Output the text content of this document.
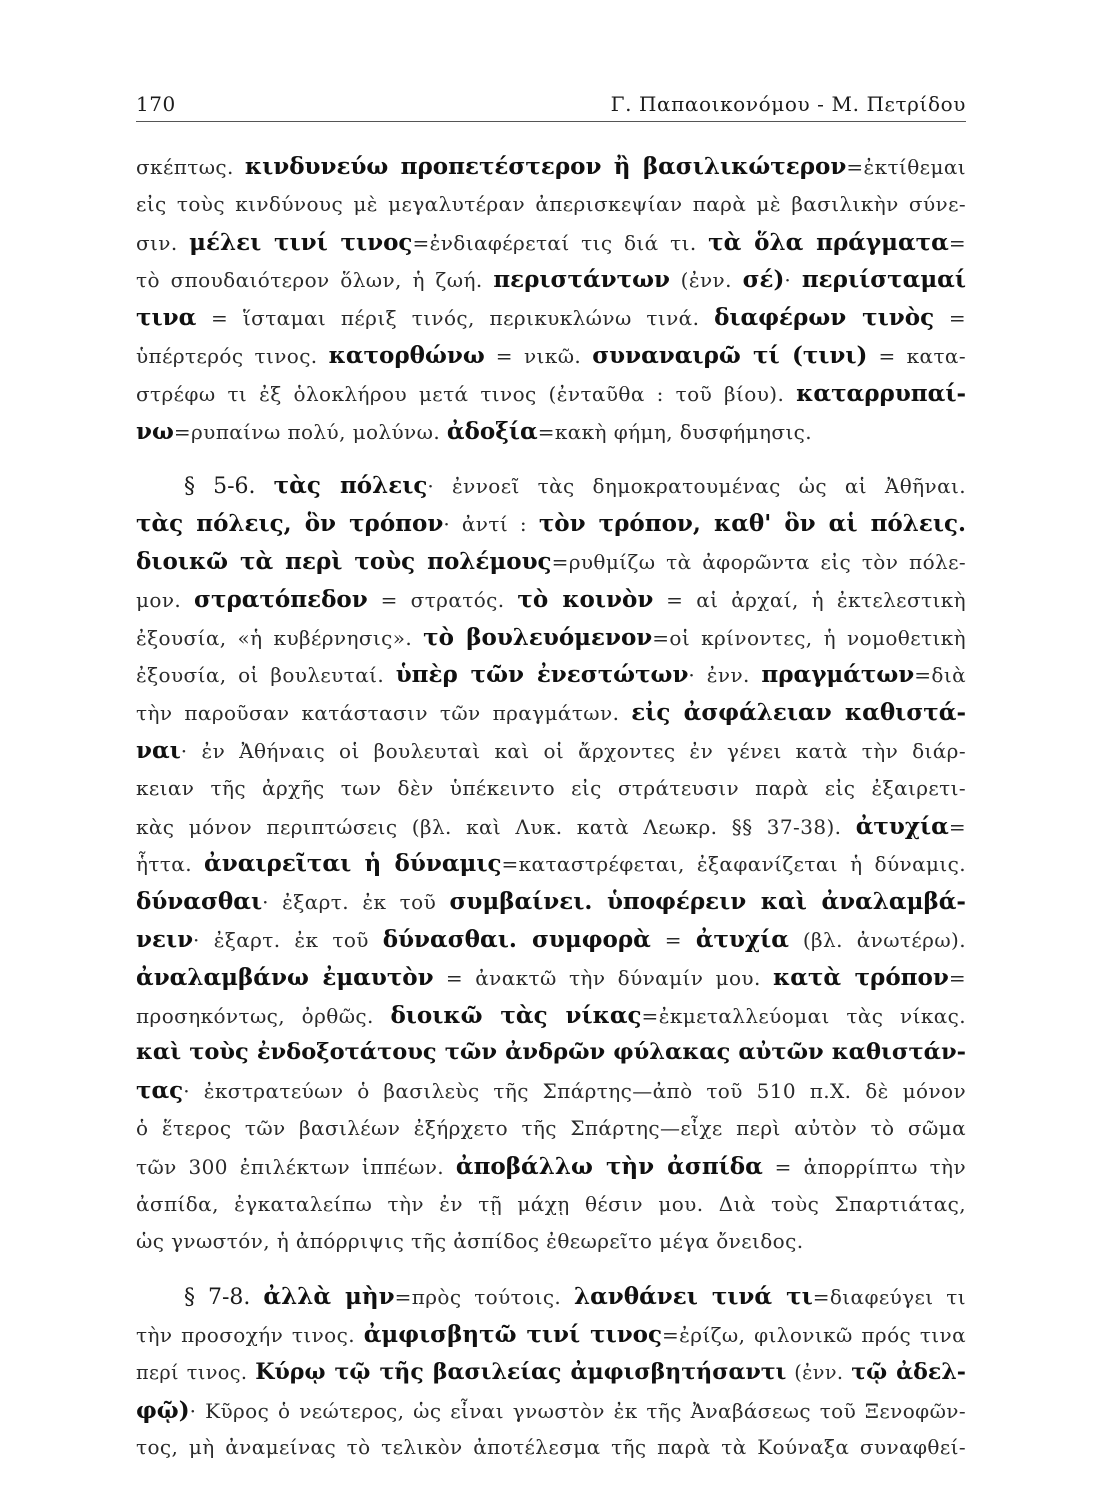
170	Γ. Παπαοικονόμου - Μ. Πετρίδου
σκέπτως. κινδυνεύω προπετέστερον ἢ βασιλικώτερον=ἐκτίθεμαι
εἰς τοὺς κινδύνους μὲ μεγαλυτέραν ἀπερισκεψίαν παρὰ μὲ βασιλικὴν σύνε-
σιν. μέλει τινί τινος=ἐνδιαφέρεταί τις διά τι. τὰ ὅλα πράγματα=
τὸ σπουδαιότερον ὅλων, ἡ ζωή. περιστάντων (ἐνν. σέ)· περιίσταμαί
τινα = ἵσταμαι πέριξ τινός, περικυκλώνω τινά. διαφέρων τινὸς =
ὑπέρτερός τινος. κατορθώνω = νικῶ. συναναιρῶ τί (τινι) = κατα-
στρέφω τι ἐξ ὁλοκλήρου μετά τινος (ἐνταῦθα : τοῦ βίου). καταρρυπαί-
νω=ρυπαίνω πολύ, μολύνω. ἀδοξία=κακὴ φήμη, δυσφήμησις.
§ 5-6. τὰς πόλεις· ἐννοεῖ τὰς δημοκρατουμένας ὡς αἱ Ἀθῆναι.
τὰς πόλεις, ὃν τρόπον· ἀντί : τὸν τρόπον, καθ' ὃν αἱ πόλεις.
διοικῶ τὰ περὶ τοὺς πολέμους=ρυθμίζω τὰ ἀφορῶντα εἰς τὸν πόλε-
μον. στρατόπεδον = στρατός. τὸ κοινὸν = αἱ ἀρχαί, ἡ ἐκτελεστικὴ
ἐξουσία, «ἡ κυβέρνησις». τὸ βουλευόμενον=οἱ κρίνοντες, ἡ νομοθετικὴ
ἐξουσία, οἱ βουλευταί. ὑπὲρ τῶν ἐνεστώτων· ἐνν. πραγμάτων=διὰ
τὴν παροῦσαν κατάστασιν τῶν πραγμάτων. εἰς ἀσφάλειαν καθιστά-
ναι· ἐν Ἀθήναις οἱ βουλευταὶ καὶ οἱ ἄρχοντες ἐν γένει κατὰ τὴν διάρ-
κειαν τῆς ἀρχῆς των δὲν ὑπέκειντο εἰς στράτευσιν παρὰ εἰς ἐξαιρετι-
κὰς μόνον περιπτώσεις (βλ. καὶ Λυκ. κατὰ Λεωκρ. §§ 37-38). ἀτυχία=
ἧττα. ἀναιρεῖται ἡ δύναμις=καταστρέφεται, ἐξαφανίζεται ἡ δύναμις.
δύνασθαι· ἐξαρτ. ἐκ τοῦ συμβαίνει. ὑποφέρειν καὶ ἀναλαμβά-
νειν· ἐξαρτ. ἐκ τοῦ δύνασθαι. συμφορὰ = ἀτυχία (βλ. ἀνωτέρω).
ἀναλαμβάνω ἐμαυτὸν = ἀνακτῶ τὴν δύναμίν μου. κατὰ τρόπον=
προσηκόντως, ὀρθῶς. διοικῶ τὰς νίκας=ἐκμεταλλεύομαι τὰς νίκας.
καὶ τοὺς ἐνδοξοτάτους τῶν ἀνδρῶν φύλακας αὐτῶν καθιστάν-
τας· ἐκστρατεύων ὁ βασιλεὺς τῆς Σπάρτης—ἀπὸ τοῦ 510 π.Χ. δὲ μόνον
ὁ ἕτερος τῶν βασιλέων ἐξήρχετο τῆς Σπάρτης—εἶχε περὶ αὐτὸν τὸ σῶμα
τῶν 300 ἐπιλέκτων ἱππέων. ἀποβάλλω τὴν ἀσπίδα = ἀπορρίπτω τὴν
ἀσπίδα, ἐγκαταλείπω τὴν ἐν τῇ μάχῃ θέσιν μου. Διὰ τοὺς Σπαρτιάτας,
ὡς γνωστόν, ἡ ἀπόρριψις τῆς ἀσπίδος ἐθεωρεῖτο μέγα ὄνειδος.
§ 7-8. ἀλλὰ μὴν=πρὸς τούτοις. λανθάνει τινά τι=διαφεύγει τι
τὴν προσοχήν τινος. ἀμφισβητῶ τινί τινος=ἐρίζω, φιλονικῶ πρός τινα
περί τινος. Κύρῳ τῷ τῆς βασιλείας ἀμφισβητήσαντι (ἐνν. τῷ ἀδελ-
φῷ)· Κῦρος ὁ νεώτερος, ὡς εἶναι γνωστὸν ἐκ τῆς Ἀναβάσεως τοῦ Ξενοφῶν-
τος, μὴ ἀναμείνας τὸ τελικὸν ἀποτέλεσμα τῆς παρὰ τὰ Κούναξα συναφθεί-
